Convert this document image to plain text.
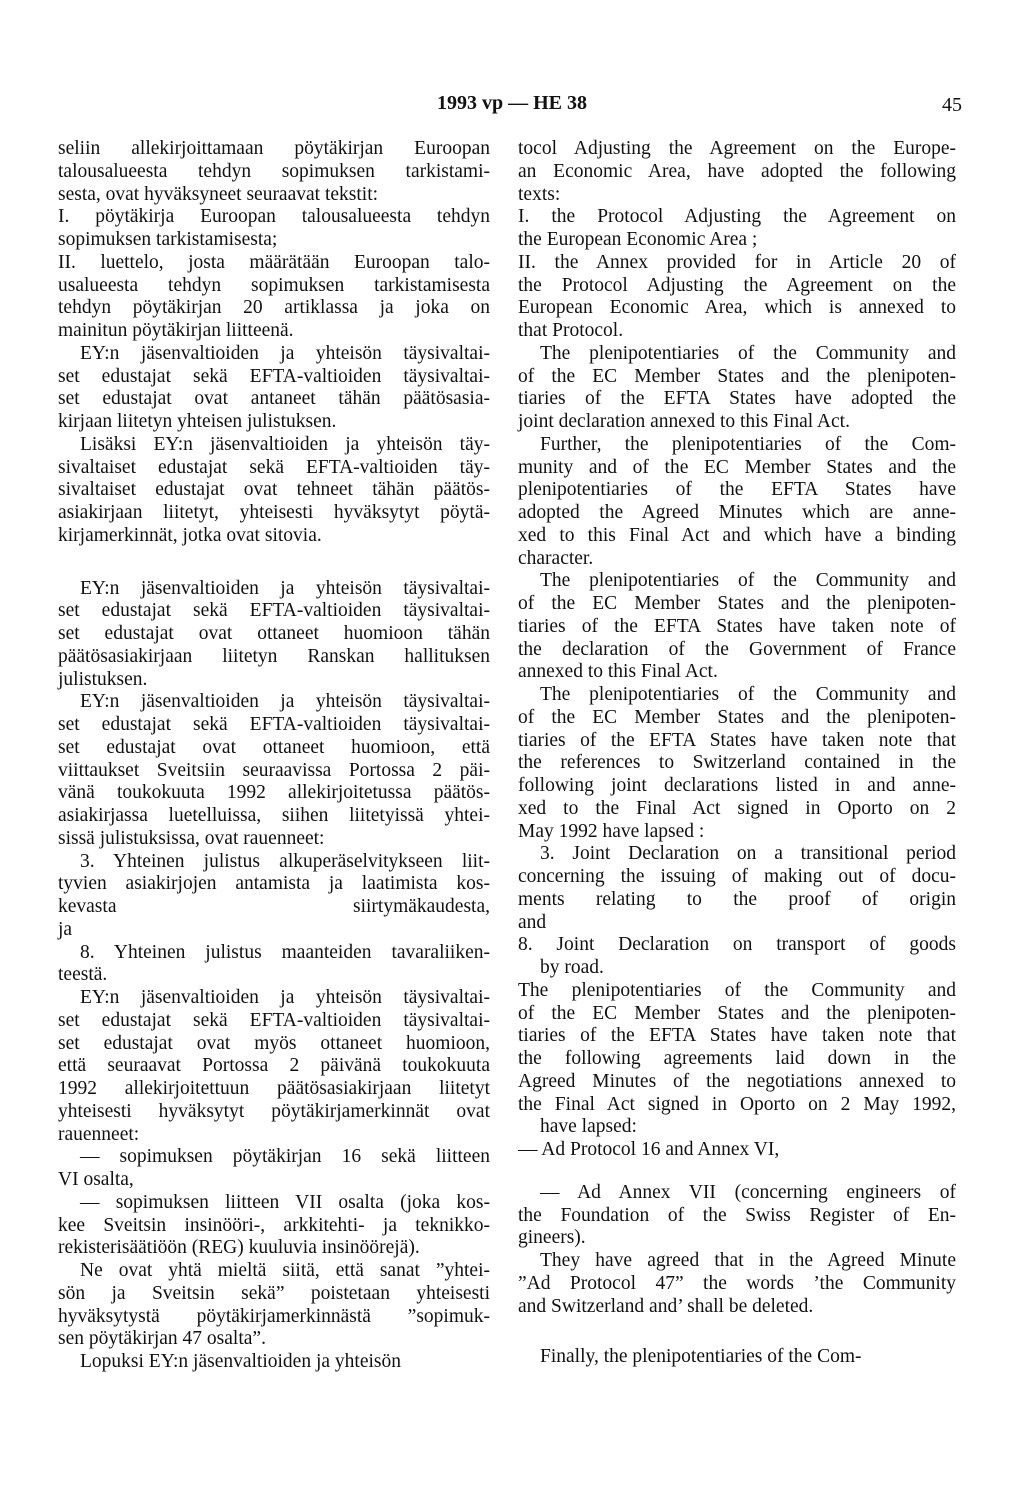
1993 vp — HE 38	45
seliin allekirjoittamaan pöytäkirjan Euroopan
talousalueesta tehdyn sopimuksen tarkistami-
sesta, ovat hyväksyneet seuraavat tekstit:
I. pöytäkirja Euroopan talousalueesta tehdyn
sopimuksen tarkistamisesta;
II. luettelo, josta määrätään Euroopan talo-
usalueesta tehdyn sopimuksen tarkistamisesta
tehdyn pöytäkirjan 20 artiklassa ja joka on
mainitun pöytäkirjan liitteenä.
EY:n jäsenvaltioiden ja yhteisön täysivaltai-
set edustajat sekä EFTA-valtioiden täysivaltai-
set edustajat ovat antaneet tähän päätösasia-
kirjaan liitetyn yhteisen julistuksen.
Lisäksi EY:n jäsenvaltioiden ja yhteisön täy-
sivaltaiset edustajat sekä EFTA-valtioiden täy-
sivaltaiset edustajat ovat tehneet tähän päätös-
asiakirjaan liitetyt, yhteisesti hyväksytyt pöytä-
kirjamerkinnät, jotka ovat sitovia.
EY:n jäsenvaltioiden ja yhteisön täysivaltai-
set edustajat sekä EFTA-valtioiden täysivaltai-
set edustajat ovat ottaneet huomioon tähän
päätösasiakirjaan liitetyn Ranskan hallituksen
julistuksen.
EY:n jäsenvaltioiden ja yhteisön täysivaltai-
set edustajat sekä EFTA-valtioiden täysivaltai-
set edustajat ovat ottaneet huomioon, että
viittaukset Sveitsiin seuraavissa Portossa 2 päi-
vänä toukokuuta 1992 allekirjoitetussa päätös-
asiakirjassa luetelluissa, siihen liitetyissä yhtei-
sissä julistuksissa, ovat rauenneet:
3. Yhteinen julistus alkuperäselvitykseen liit-
tyvien asiakirjojen antamista ja laatimista kos-
kevasta siirtymäkaudesta,
ja
8. Yhteinen julistus maanteiden tavaraliiken-
teestä.
EY:n jäsenvaltioiden ja yhteisön täysivaltai-
set edustajat sekä EFTA-valtioiden täysivaltai-
set edustajat ovat myös ottaneet huomioon,
että seuraavat Portossa 2 päivänä toukokuuta
1992 allekirjoitettuun päätösasiakirjaan liitetyt
yhteisesti hyväksytyt pöytäkirjamerkinnät ovat
rauenneet:
— sopimuksen pöytäkirjan 16 sekä liitteen
VI osalta,
— sopimuksen liitteen VII osalta (joka kos-
kee Sveitsin insinööri-, arkkitehti- ja teknikko-
rekisterisäätiöön (REG) kuuluvia insinöörejä).
Ne ovat yhtä mieltä siitä, että sanat ”yhtei-
sön ja Sveitsin sekä” poistetaan yhteisesti
hyväksytystä pöytäkirjamerkinnästä ”sopimuk-
sen pöytäkirjan 47 osalta”.
Lopuksi EY:n jäsenvaltioiden ja yhteisön
tocol Adjusting the Agreement on the Europe-
an Economic Area, have adopted the following
texts:
I. the Protocol Adjusting the Agreement on
the European Economic Area ;
II. the Annex provided for in Article 20 of
the Protocol Adjusting the Agreement on the
European Economic Area, which is annexed to
that Protocol.
The plenipotentiaries of the Community and
of the EC Member States and the plenipoten-
tiaries of the EFTA States have adopted the
joint declaration annexed to this Final Act.
Further, the plenipotentiaries of the Com-
munity and of the EC Member States and the
plenipotentiaries of the EFTA States have
adopted the Agreed Minutes which are anne-
xed to this Final Act and which have a binding
character.
The plenipotentiaries of the Community and
of the EC Member States and the plenipoten-
tiaries of the EFTA States have taken note of
the declaration of the Government of France
annexed to this Final Act.
The plenipotentiaries of the Community and
of the EC Member States and the plenipoten-
tiaries of the EFTA States have taken note that
the references to Switzerland contained in the
following joint declarations listed in and anne-
xed to the Final Act signed in Oporto on 2
May 1992 have lapsed :
3. Joint Declaration on a transitional period
concerning the issuing of making out of docu-
ments relating to the proof of origin
and
8. Joint Declaration on transport of goods
by road.
The plenipotentiaries of the Community and
of the EC Member States and the plenipoten-
tiaries of the EFTA States have taken note that
the following agreements laid down in the
Agreed Minutes of the negotiations annexed to
the Final Act signed in Oporto on 2 May 1992,
have lapsed:
— Ad Protocol 16 and Annex VI,
— Ad Annex VII (concerning engineers of
the Foundation of the Swiss Register of En-
gineers).
They have agreed that in the Agreed Minute
”Ad Protocol 47” the words ’the Community
and Switzerland and’ shall be deleted.
Finally, the plenipotentiaries of the Com-
